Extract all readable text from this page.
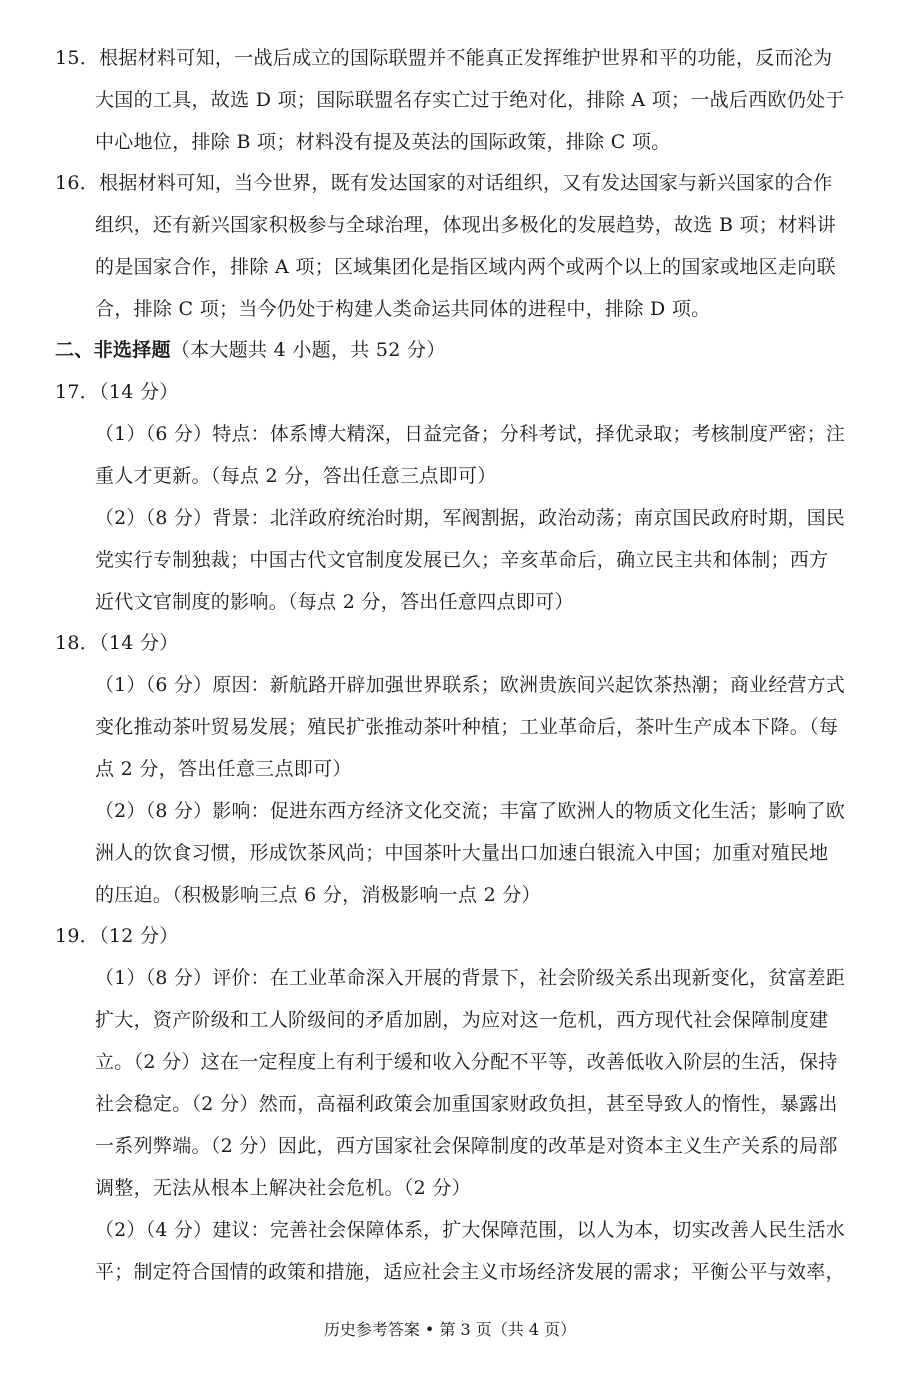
15．根据材料可知，一战后成立的国际联盟并不能真正发挥维护世界和平的功能，反而沦为
大国的工具，故选 D 项；国际联盟名存实亡过于绝对化，排除 A 项；一战后西欧仍处于
中心地位，排除 B 项；材料没有提及英法的国际政策，排除 C 项。
16．根据材料可知，当今世界，既有发达国家的对话组织，又有发达国家与新兴国家的合作
组织，还有新兴国家积极参与全球治理，体现出多极化的发展趋势，故选 B 项；材料讲
的是国家合作，排除 A 项；区域集团化是指区域内两个或两个以上的国家或地区走向联
合，排除 C 项；当今仍处于构建人类命运共同体的进程中，排除 D 项。
二、非选择题（本大题共 4 小题，共 52 分）
17．（14 分）
（1）（6 分）特点：体系博大精深，日益完备；分科考试，择优录取；考核制度严密；注
重人才更新。（每点 2 分，答出任意三点即可）
（2）（8 分）背景：北洋政府统治时期，军阀割据，政治动荡；南京国民政府时期，国民
党实行专制独裁；中国古代文官制度发展已久；辛亥革命后，确立民主共和体制；西方
近代文官制度的影响。（每点 2 分，答出任意四点即可）
18．（14 分）
（1）（6 分）原因：新航路开辟加强世界联系；欧洲贵族间兴起饮茶热潮；商业经营方式
变化推动茶叶贸易发展；殖民扩张推动茶叶种植；工业革命后，茶叶生产成本下降。（每
点 2 分，答出任意三点即可）
（2）（8 分）影响：促进东西方经济文化交流；丰富了欧洲人的物质文化生活；影响了欧
洲人的饮食习惯，形成饮茶风尚；中国茶叶大量出口加速白银流入中国；加重对殖民地
的压迫。（积极影响三点 6 分，消极影响一点 2 分）
19．（12 分）
（1）（8 分）评价：在工业革命深入开展的背景下，社会阶级关系出现新变化，贫富差距
扩大，资产阶级和工人阶级间的矛盾加剧，为应对这一危机，西方现代社会保障制度建
立。（2 分）这在一定程度上有利于缓和收入分配不平等，改善低收入阶层的生活，保持
社会稳定。（2 分）然而，高福利政策会加重国家财政负担，甚至导致人的惰性，暴露出
一系列弊端。（2 分）因此，西方国家社会保障制度的改革是对资本主义生产关系的局部
调整，无法从根本上解决社会危机。（2 分）
（2）（4 分）建议：完善社会保障体系，扩大保障范围，以人为本，切实改善人民生活水
平；制定符合国情的政策和措施，适应社会主义市场经济发展的需求；平衡公平与效率，
历史参考答案 • 第 3 页（共 4 页）
